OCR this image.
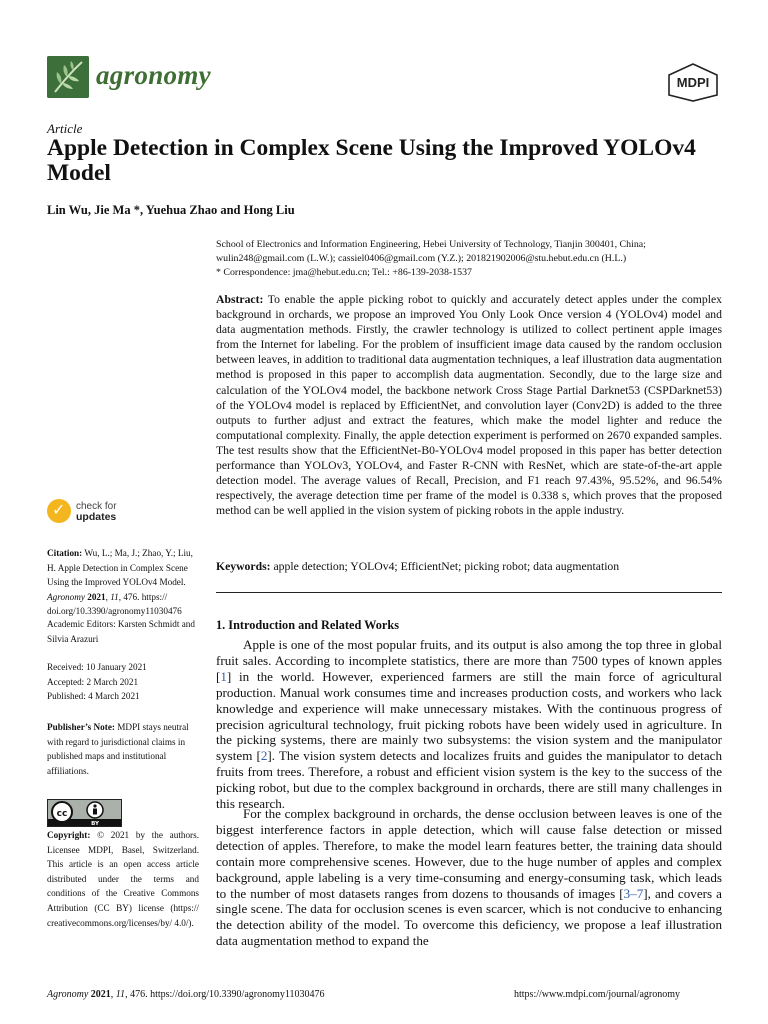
agronomy	MDPI
Article
Apple Detection in Complex Scene Using the Improved YOLOv4 Model
Lin Wu, Jie Ma *, Yuehua Zhao and Hong Liu
School of Electronics and Information Engineering, Hebei University of Technology, Tianjin 300401, China;
wulin248@gmail.com (L.W.); cassiel0406@gmail.com (Y.Z.); 201821902006@stu.hebut.edu.cn (H.L.)
* Correspondence: jma@hebut.edu.cn; Tel.: +86-139-2038-1537

Abstract: To enable the apple picking robot to quickly and accurately detect apples under the complex background in orchards, we propose an improved You Only Look Once version 4 (YOLOv4) model and data augmentation methods. Firstly, the crawler technology is utilized to collect pertinent apple images from the Internet for labeling. For the problem of insufficient image data caused by the random occlusion between leaves, in addition to traditional data augmentation techniques, a leaf illustration data augmentation method is proposed in this paper to accomplish data augmentation. Secondly, due to the large size and calculation of the YOLOv4 model, the backbone network Cross Stage Partial Darknet53 (CSPDarknet53) of the YOLOv4 model is replaced by EfficientNet, and convolution layer (Conv2D) is added to the three outputs to further adjust and extract the features, which make the model lighter and reduce the computational complexity. Finally, the apple detection experiment is performed on 2670 expanded samples. The test results show that the EfficientNet-B0-YOLOv4 model proposed in this paper has better detection performance than YOLOv3, YOLOv4, and Faster R-CNN with ResNet, which are state-of-the-art apple detection model. The average values of Recall, Precision, and F1 reach 97.43%, 95.52%, and 96.54% respectively, the average detection time per frame of the model is 0.338 s, which proves that the proposed method can be well applied in the vision system of picking robots in the apple industry.

Keywords: apple detection; YOLOv4; EfficientNet; picking robot; data augmentation

✓ check for
updates

Citation: Wu, L.; Ma, J.; Zhao, Y.; Liu, H. Apple Detection in Complex Scene Using the Improved YOLOv4 Model. Agronomy 2021, 11, 476. https:// doi.org/10.3390/agronomy11030476

Academic Editors: Karsten Schmidt and Silvia Arazuri

Received: 10 January 2021
Accepted: 2 March 2021
Published: 4 March 2021

Publisher’s Note: MDPI stays neutral with regard to jurisdictional claims in published maps and institutional affiliations.

cc
BY

Copyright: © 2021 by the authors. Licensee MDPI, Basel, Switzerland. This article is an open access article distributed under the terms and conditions of the Creative Commons Attribution (CC BY) license (https:// creativecommons.org/licenses/by/ 4.0/).

1. Introduction and Related Works

Apple is one of the most popular fruits, and its output is also among the top three in global fruit sales. According to incomplete statistics, there are more than 7500 types of known apples [1] in the world. However, experienced farmers are still the main force of agricultural production. Manual work consumes time and increases production costs, and workers who lack knowledge and experience will make unnecessary mistakes. With the continuous progress of precision agricultural technology, fruit picking robots have been widely used in agriculture. In the picking systems, there are mainly two subsystems: the vision system and the manipulator system [2]. The vision system detects and localizes fruits and guides the manipulator to detach fruits from trees. Therefore, a robust and efficient vision system is the key to the success of the picking robot, but due to the complex background in orchards, there are still many challenges in this research.

For the complex background in orchards, the dense occlusion between leaves is one of the biggest interference factors in apple detection, which will cause false detection or missed detection of apples. Therefore, to make the model learn features better, the training data should contain more comprehensive scenes. However, due to the huge number of apples and complex background, apple labeling is a very time-consuming and energy-consuming task, which leads to the number of most datasets ranges from dozens to thousands of images [3–7], and covers a single scene. The data for occlusion scenes is even scarcer, which is not conducive to enhancing the detection ability of the model. To overcome this deficiency, we propose a leaf illustration data augmentation method to expand the

Agronomy 2021, 11, 476. https://doi.org/10.3390/agronomy11030476	https://www.mdpi.com/journal/agronomy
